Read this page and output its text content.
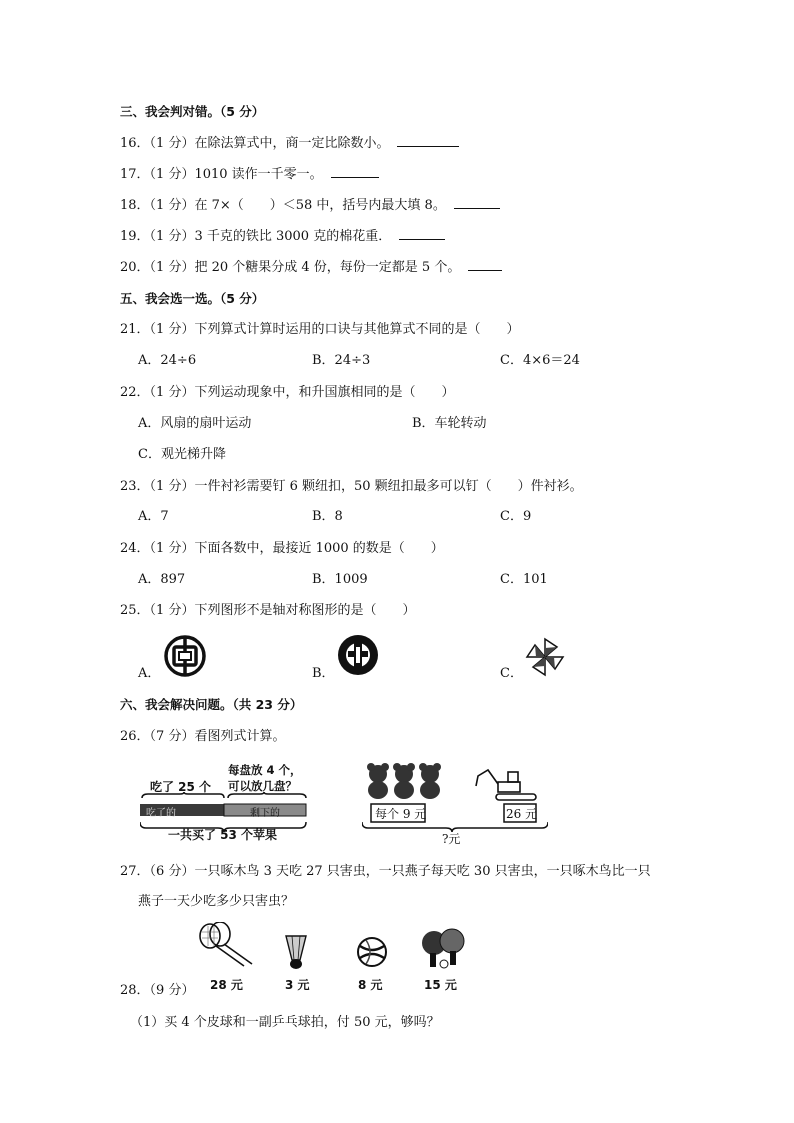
三、我会判对错。（5 分）
16．（1 分）在除法算式中，商一定比除数小。
17．（1 分）1010 读作一千零一。
18．（1 分）在 7×（　　）＜58 中，括号内最大填 8。
19．（1 分）3 千克的铁比 3000 克的棉花重．
20．（1 分）把 20 个糖果分成 4 份，每份一定都是 5 个。
五、我会选一选。（5 分）
21．（1 分）下列算式计算时运用的口诀与其他算式不同的是（　　）
A．24÷6	B．24÷3	C．4×6＝24
22．（1 分）下列运动现象中，和升国旗相同的是（　　）
A．风扇的扇叶运动	B．车轮转动
C．观光梯升降
23．（1 分）一件衬衫需要钉 6 颗纽扣，50 颗纽扣最多可以钉（　　）件衬衫。
A．7	B．8	C．9
24．（1 分）下面各数中，最接近 1000 的数是（　　）
A．897	B．1009	C．101
25．（1 分）下列图形不是轴对称图形的是（　　）
A．	B．	C．
六、我会解决问题。（共 23 分）
26．（7 分）看图列式计算。
吃了 25 个
每盘放 4 个，
可以放几盘？
吃了的	剩下的
一共买了 53 个苹果
每个 9 元	26 元
?元
27．（6 分）一只啄木鸟 3 天吃 27 只害虫，一只燕子每天吃 30 只害虫，一只啄木鸟比一只
燕子一天少吃多少只害虫？
28 元	3 元	8 元	15 元
28．（9 分）
（1）买 4 个皮球和一副乒乓球拍，付 50 元，够吗？
